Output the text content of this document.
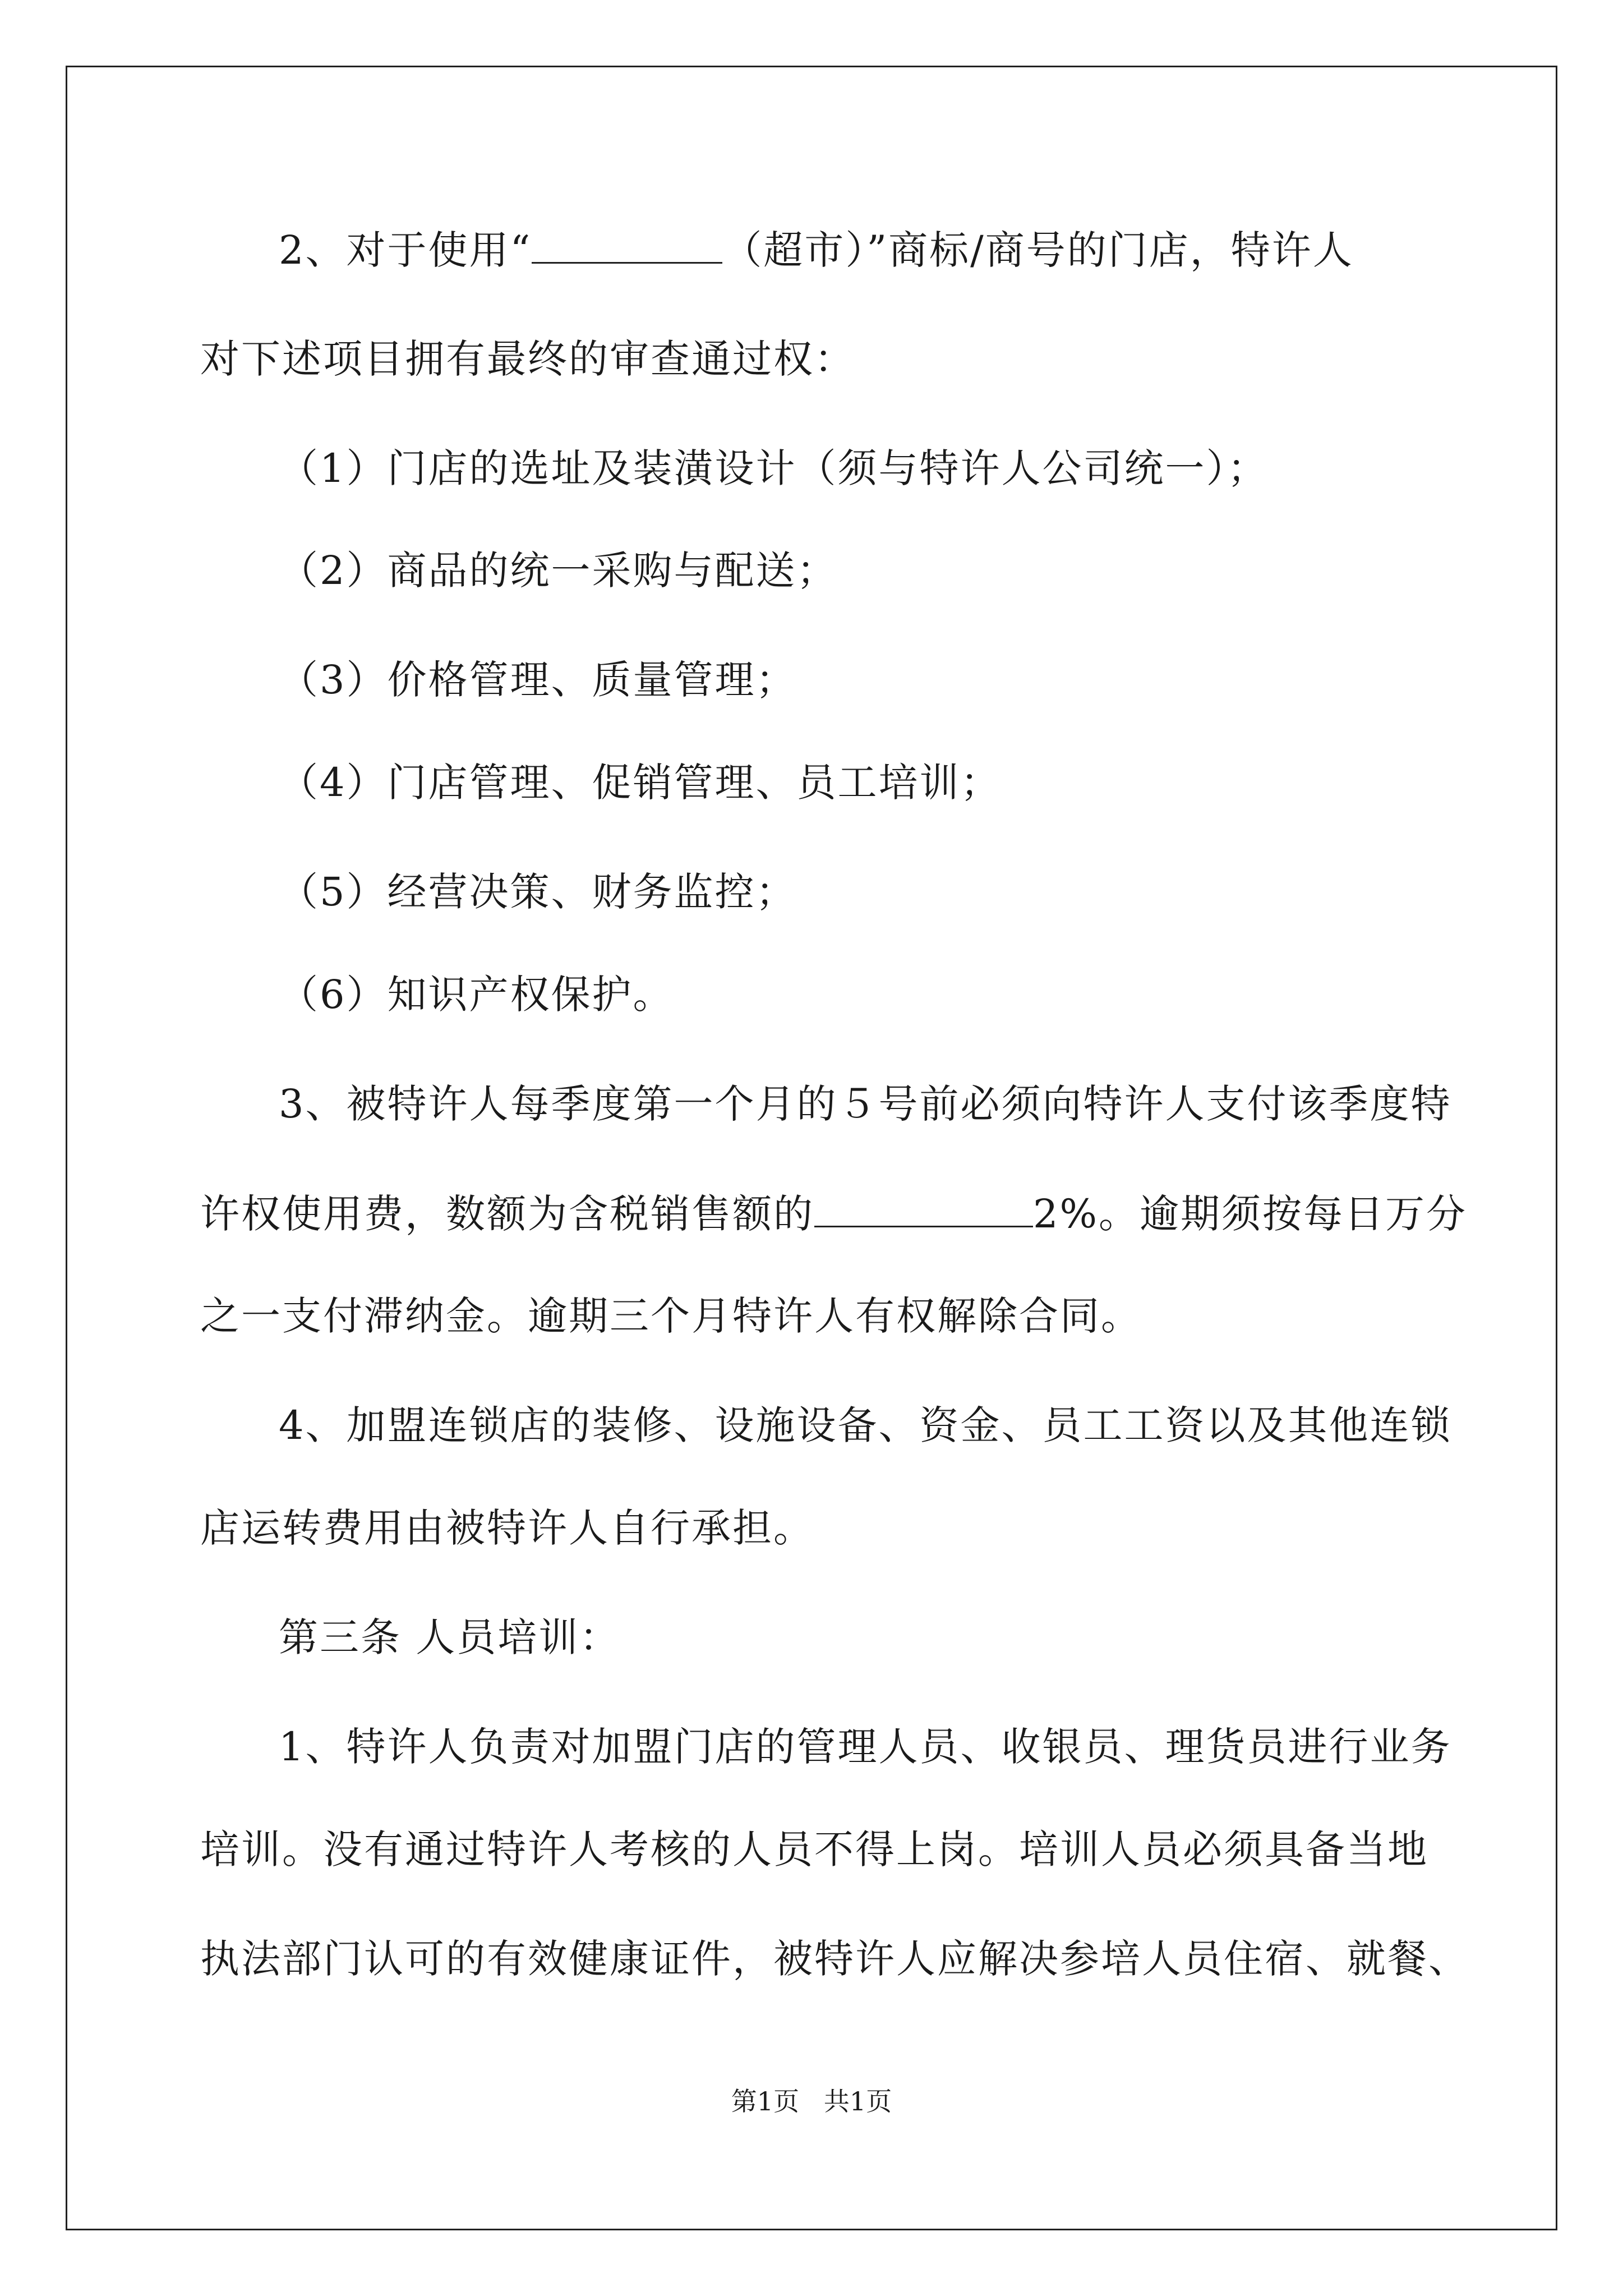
2、对于使用“	（超市）”商标/商号的门店，特许人
对下述项目拥有最终的审查通过权：
（1）门店的选址及装潢设计（须与特许人公司统一）；
（2）商品的统一采购与配送；
（3）价格管理、质量管理；
（4）门店管理、促销管理、员工培训；
（5）经营决策、财务监控；
（6）知识产权保护。
3、被特许人每季度第一个月的５号前必须向特许人支付该季度特
许权使用费，数额为含税销售额的	2%。逾期须按每日万分
之一支付滞纳金。逾期三个月特许人有权解除合同。
4、加盟连锁店的装修、设施设备、资金、员工工资以及其他连锁
店运转费用由被特许人自行承担。
第三条 人员培训：
1、特许人负责对加盟门店的管理人员、收银员、理货员进行业务
培训。没有通过特许人考核的人员不得上岗。培训人员必须具备当地
执法部门认可的有效健康证件，被特许人应解决参培人员住宿、就餐、
第1页   共1页
